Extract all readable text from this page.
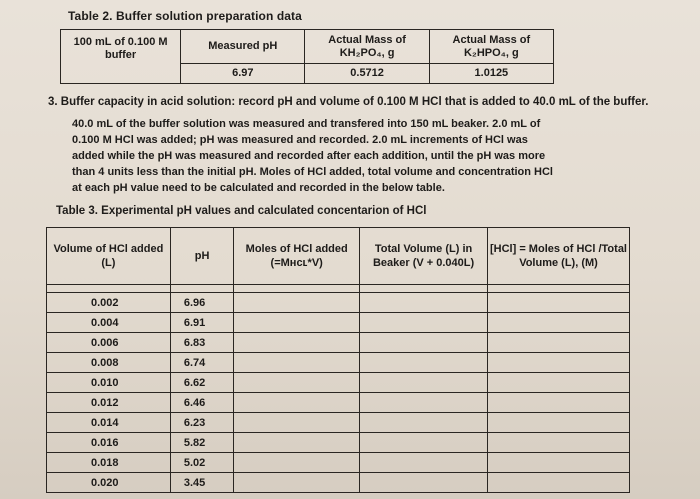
Table 2. Buffer solution preparation data
100 mL of 0.100 M buffer	Measured pH	Actual Mass of KH₂PO₄, g	Actual Mass of K₂HPO₄, g
	6.97	0.5712	1.0125
3. Buffer capacity in acid solution: record pH and volume of 0.100 M HCl that is added to 40.0 mL of the buffer.
40.0 mL of the buffer solution was measured and transfered into 150 mL beaker. 2.0 mL of
0.100 M HCl was added; pH was measured and recorded. 2.0 mL increments of HCl was
added while the pH was measured and recorded after each addition, until the pH was more
than 4 units less than the initial pH. Moles of HCl added, total volume and concentration HCl
at each pH value need to be calculated and recorded in the below table.
Table 3. Experimental pH values and calculated concentarion of HCl
Volume of HCl added (L)	pH	Moles of HCl added (=Mʜᴄʟ*V)	Total Volume (L) in Beaker (V + 0.040L)	[HCl] = Moles of HCl /Total Volume (L), (M)

0.002	6.96			
0.004	6.91			
0.006	6.83			
0.008	6.74			
0.010	6.62			
0.012	6.46			
0.014	6.23			
0.016	5.82			
0.018	5.02			
0.020	3.45			
